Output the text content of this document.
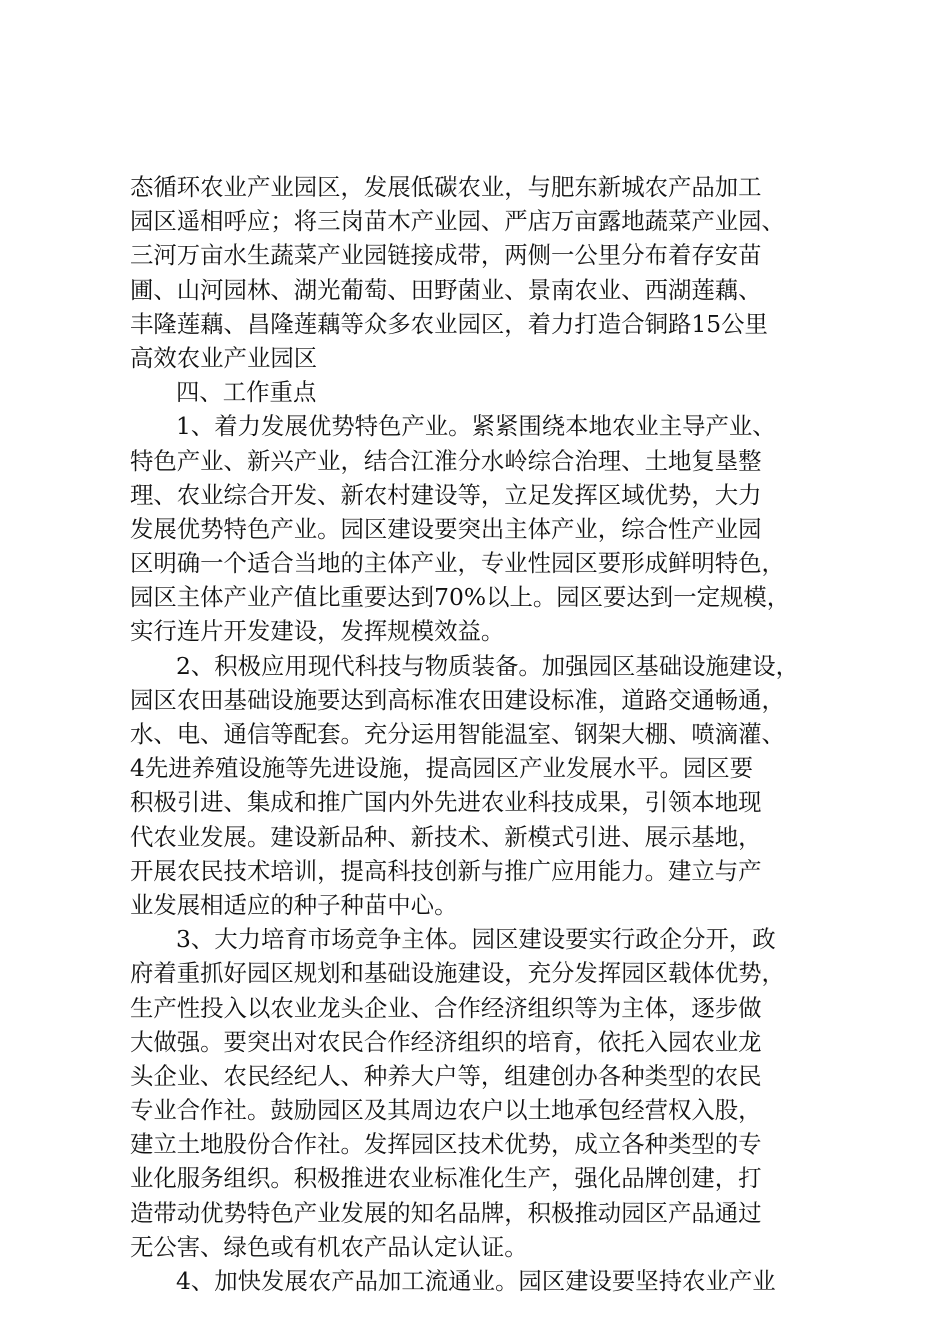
态循环农业产业园区，发展低碳农业，与肥东新城农产品加工
园区遥相呼应；将三岗苗木产业园、严店万亩露地蔬菜产业园、
三河万亩水生蔬菜产业园链接成带，两侧一公里分布着存安苗
圃、山河园林、湖光葡萄、田野菌业、景南农业、西湖莲藕、
丰隆莲藕、昌隆莲藕等众多农业园区，着力打造合铜路15公里
高效农业产业园区
四、工作重点
1、着力发展优势特色产业。紧紧围绕本地农业主导产业、
特色产业、新兴产业，结合江淮分水岭综合治理、土地复垦整
理、农业综合开发、新农村建设等，立足发挥区域优势，大力
发展优势特色产业。园区建设要突出主体产业，综合性产业园
区明确一个适合当地的主体产业，专业性园区要形成鲜明特色，
园区主体产业产值比重要达到70%以上。园区要达到一定规模，
实行连片开发建设，发挥规模效益。
2、积极应用现代科技与物质装备。加强园区基础设施建设，
园区农田基础设施要达到高标准农田建设标准，道路交通畅通，
水、电、通信等配套。充分运用智能温室、钢架大棚、喷滴灌、
4先进养殖设施等先进设施，提高园区产业发展水平。园区要
积极引进、集成和推广国内外先进农业科技成果，引领本地现
代农业发展。建设新品种、新技术、新模式引进、展示基地，
开展农民技术培训，提高科技创新与推广应用能力。建立与产
业发展相适应的种子种苗中心。
3、大力培育市场竞争主体。园区建设要实行政企分开，政
府着重抓好园区规划和基础设施建设，充分发挥园区载体优势，
生产性投入以农业龙头企业、合作经济组织等为主体，逐步做
大做强。要突出对农民合作经济组织的培育，依托入园农业龙
头企业、农民经纪人、种养大户等，组建创办各种类型的农民
专业合作社。鼓励园区及其周边农户以土地承包经营权入股，
建立土地股份合作社。发挥园区技术优势，成立各种类型的专
业化服务组织。积极推进农业标准化生产，强化品牌创建，打
造带动优势特色产业发展的知名品牌，积极推动园区产品通过
无公害、绿色或有机农产品认定认证。
4、加快发展农产品加工流通业。园区建设要坚持农业产业
